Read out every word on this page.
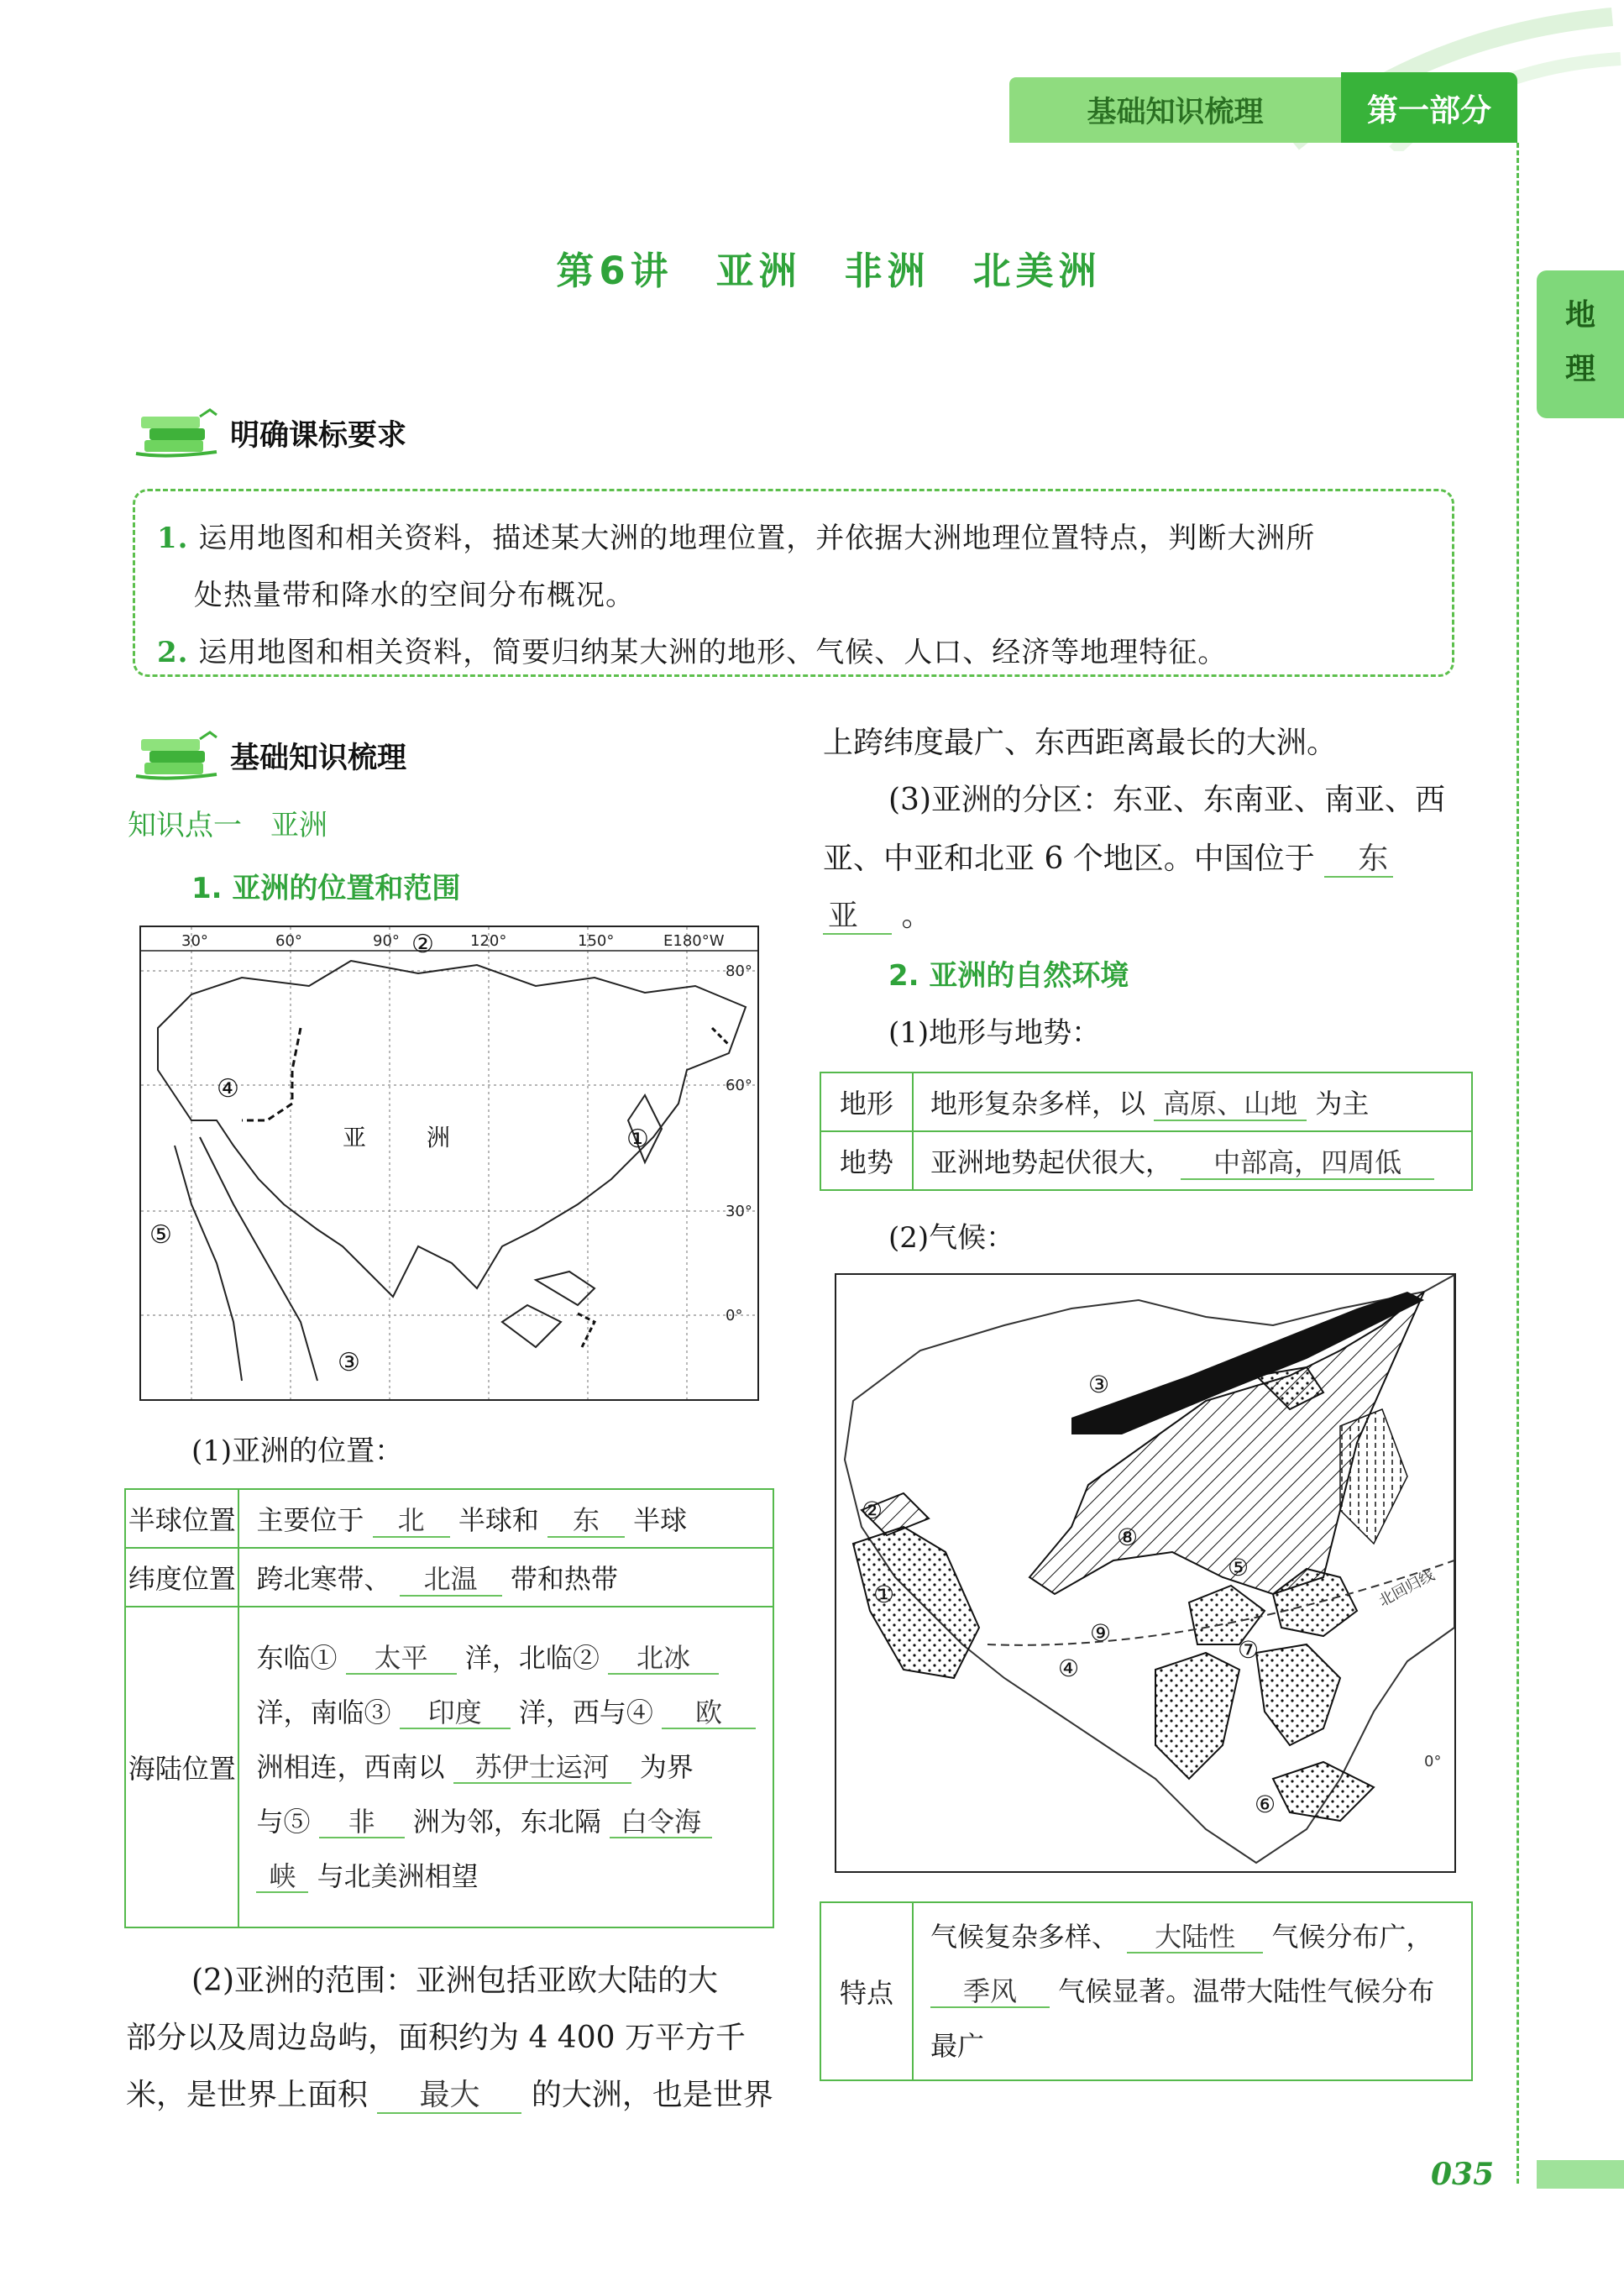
基础知识梳理	第一部分
地
理
第6讲　亚洲　非洲　北美洲
明确课标要求
1. 运用地图和相关资料，描述某大洲的地理位置，并依据大洲地理位置特点，判断大洲所
处热量带和降水的空间分布概况。
2. 运用地图和相关资料，简要归纳某大洲的地形、气候、人口、经济等地理特征。
基础知识梳理
知识点一　亚洲
1. 亚洲的位置和范围
30°	60°	90°	120°	150°	E180°W
80°
60°
30°
0°
①
②
③
④
⑤
亚	洲
(1)亚洲的位置：
半球位置	主要位于 北 半球和 东 半球
纬度位置	跨北寒带、 北温 带和热带
海陆位置	东临① 太平 洋，北临② 北冰
洋，南临③ 印度 洋，西与④ 欧
洲相连，西南以 苏伊士运河 为界
与⑤ 非 洲为邻，东北隔 白令海
峡 与北美洲相望
(2)亚洲的范围：亚洲包括亚欧大陆的大
部分以及周边岛屿，面积约为 4 400 万平方千
米，是世界上面积 最大 的大洲，也是世界
上跨纬度最广、东西距离最长的大洲。
(3)亚洲的分区：东亚、东南亚、南亚、西
亚、中亚和北亚 6 个地区。中国位于 东
亚 。
2. 亚洲的自然环境
(1)地形与地势：
地形	地形复杂多样，以 高原、山地 为主
地势	亚洲地势起伏很大， 中部高，四周低
(2)气候：
①
②
③
④
⑤
⑥
⑦
⑧
⑨
北回归线
0°
特点	
气候复杂多样、 大陆性 气候分布广，
季风 气候显著。温带大陆性气候分布
最广
035
